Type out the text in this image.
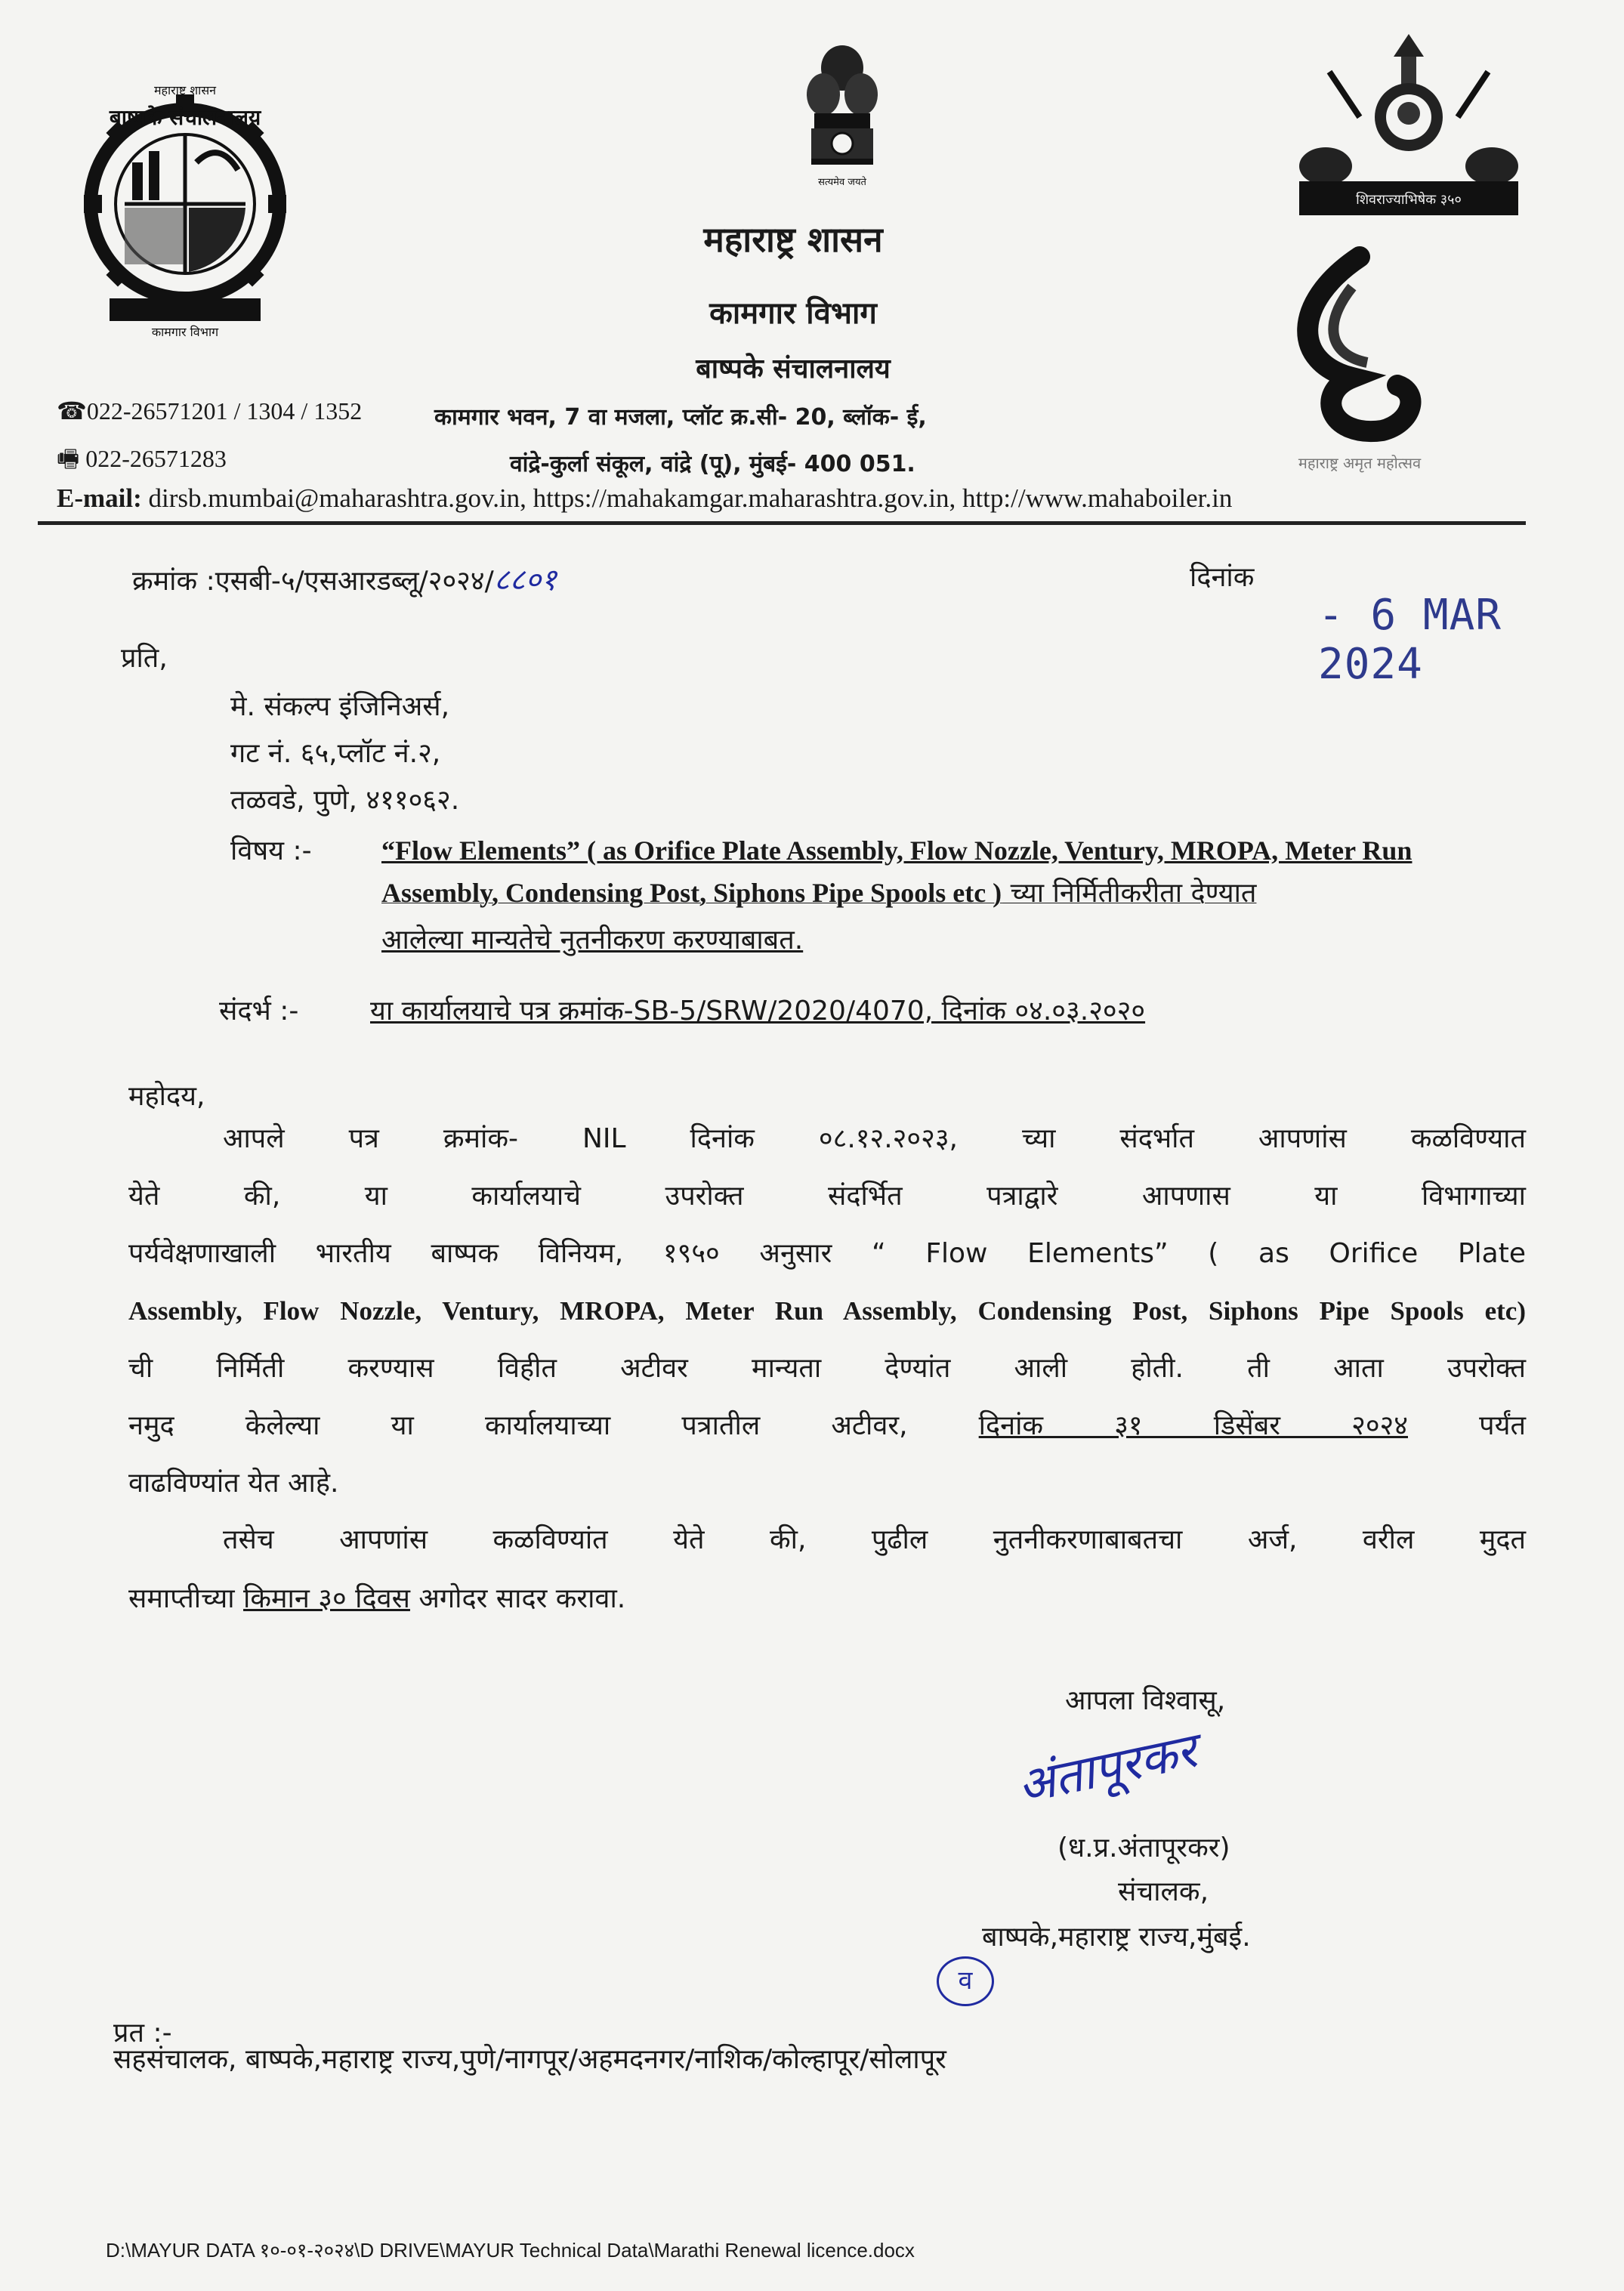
बाष्पके संचालनालय
महाराष्ट्र शासन
कामगार विभाग
सत्यमेव जयते
शिवराज्याभिषेक ३५०
महाराष्ट्र अमृत महोत्सव
महाराष्ट्र शासन
कामगार विभाग
बाष्पके संचालनालय
☎022-26571201 / 1304 / 1352
🖷 022-26571283
कामगार भवन, 7 वा मजला, प्लॉट क्र.सी- 20, ब्लॉक- ई,
वांद्रे-कुर्ला संकूल, वांद्रे (पू), मुंबई- 400 051.
E-mail: dirsb.mumbai@maharashtra.gov.in, https://mahakamgar.maharashtra.gov.in, http://www.mahaboiler.in
क्रमांक :एसबी-५/एसआरडब्लू/२०२४/८८०१	दिनांक
- 6 MAR 2024
प्रति,
मे. संकल्प इंजिनिअर्स,
गट नं. ६५,प्लॉट नं.२,
तळवडे, पुणे, ४११०६२.
विषय :-	“Flow Elements” ( as Orifice Plate Assembly, Flow Nozzle, Ventury, MROPA, Meter Run
Assembly, Condensing Post, Siphons Pipe Spools etc ) च्या निर्मितीकरीता देण्यात
आलेल्या मान्यतेचे नुतनीकरण करण्याबाबत.
संदर्भ :-	या कार्यालयाचे पत्र क्रमांक-SB-5/SRW/2020/4070, दिनांक ०४.०३.२०२०
महोदय,
आपले पत्र क्रमांक- NIL दिनांक ०८.१२.२०२३, च्या संदर्भात आपणांस कळविण्यात
येते की, या कार्यालयाचे उपरोक्त संदर्भित पत्राद्वारे आपणास या विभागाच्या
पर्यवेक्षणाखाली भारतीय बाष्पक विनियम, १९५० अनुसार “ Flow Elements” ( as Orifice Plate
Assembly, Flow Nozzle, Ventury, MROPA, Meter Run Assembly, Condensing Post, Siphons Pipe Spools etc)
ची निर्मिती करण्यास विहीत अटीवर मान्यता देण्यांत आली होती. ती आता उपरोक्त
नमुद केलेल्या या कार्यालयाच्या पत्रातील अटीवर, दिनांक ३१ डिसेंबर २०२४ पर्यंत
वाढविण्यांत येत आहे.
तसेच आपणांस कळविण्यांत येते की, पुढील नुतनीकरणाबाबतचा अर्ज, वरील मुदत
समाप्तीच्या किमान ३० दिवस अगोदर सादर करावा.
आपला विश्वासू,
अंतापूरकर
(ध.प्र.अंतापूरकर)
संचालक,
बाष्पके,महाराष्ट्र राज्य,मुंबई.
व
प्रत :-
सहसंचालक, बाष्पके,महाराष्ट्र राज्य,पुणे/नागपूर/अहमदनगर/नाशिक/कोल्हापूर/सोलापूर
D:\MAYUR DATA १०-०१-२०२४\D DRIVE\MAYUR Technical Data\Marathi Renewal licence.docx
